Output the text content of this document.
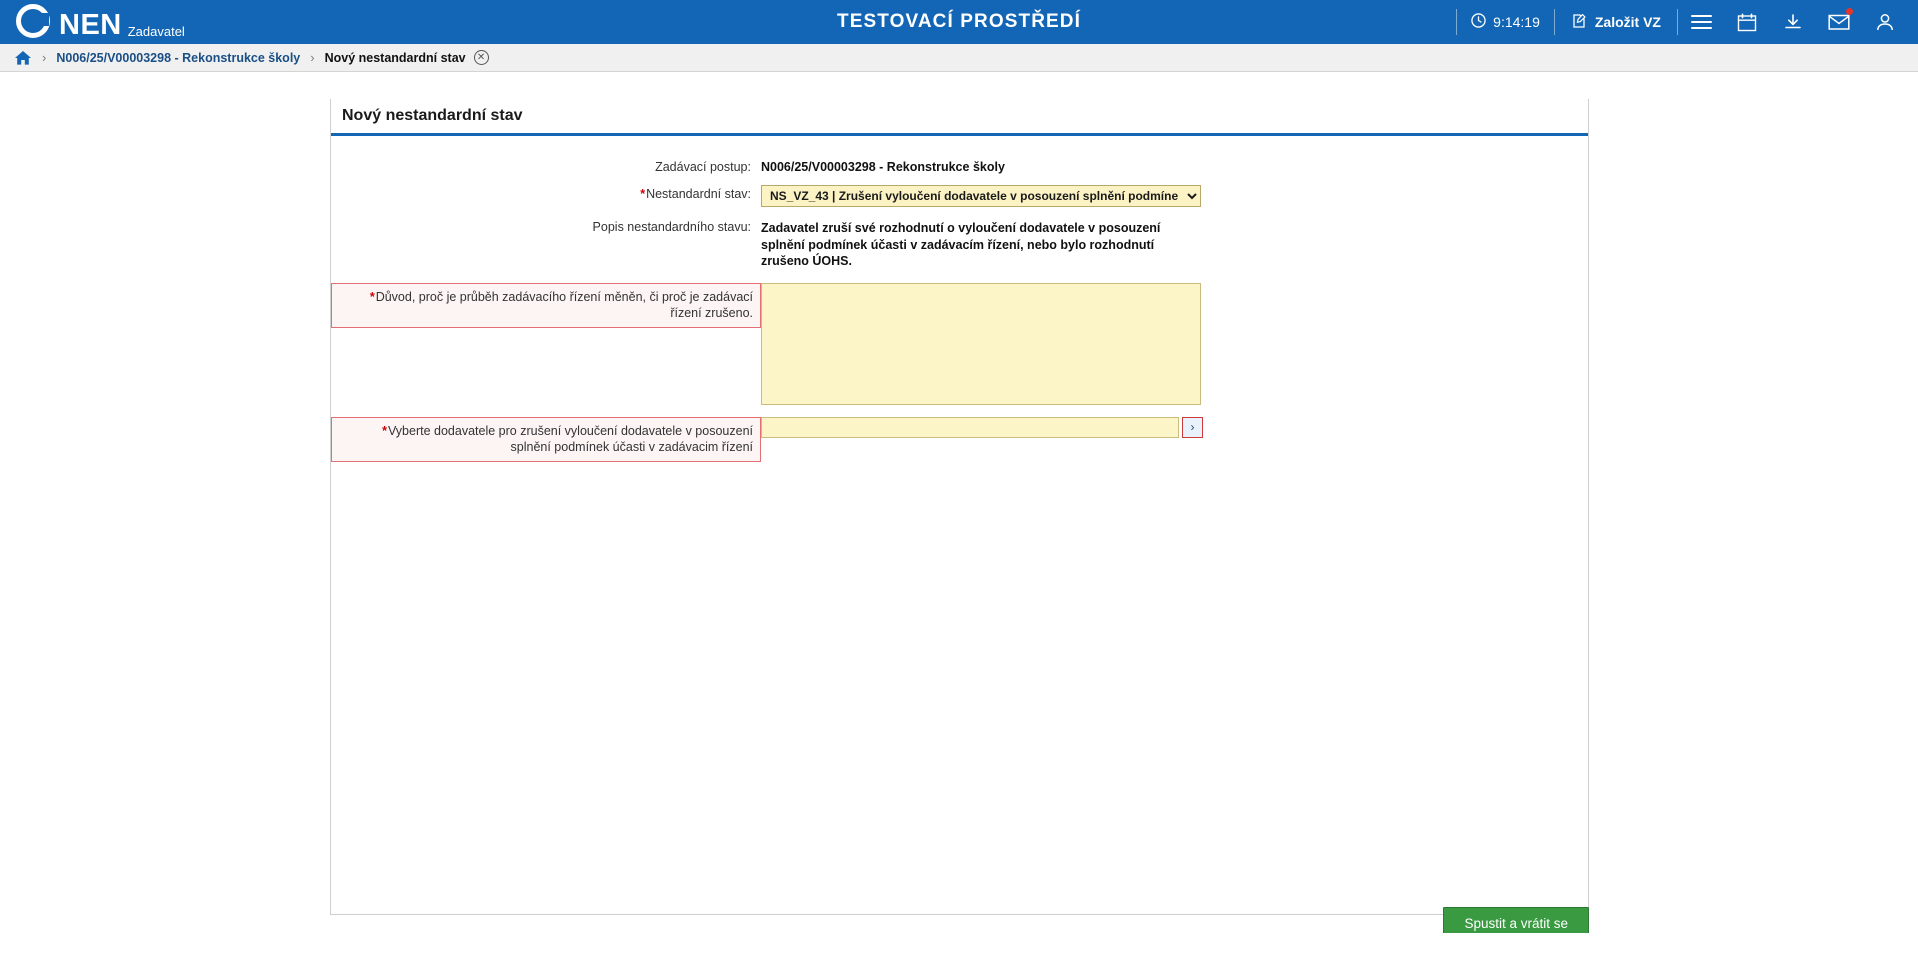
NEN Zadavatel	TESTOVACÍ PROSTŘEDÍ	9:14:19	Založit VZ
› N006/25/V00003298 - Rekonstrukce školy › Nový nestandardní stav	✕
Nový nestandardní stav
Zadávací postup: N006/25/V00003298 - Rekonstrukce školy
*Nestandardní stav:
NS_VZ_43 | Zrušení vyloučení dodavatele v posouzení splnění podmíne
Popis nestandardního stavu: Zadavatel zruší své rozhodnutí o vyloučení dodavatele v posouzení splnění podmínek účasti v zadávacím řízení, nebo bylo rozhodnutí zrušeno ÚOHS.
*Důvod, proč je průběh zadávacího řízení měněn, či proč je zadávací řízení zrušeno.
*Vyberte dodavatele pro zrušení vyloučení dodavatele v posouzení splnění podmínek účasti v zadávacim řízení
›
Spustit a vrátit se
